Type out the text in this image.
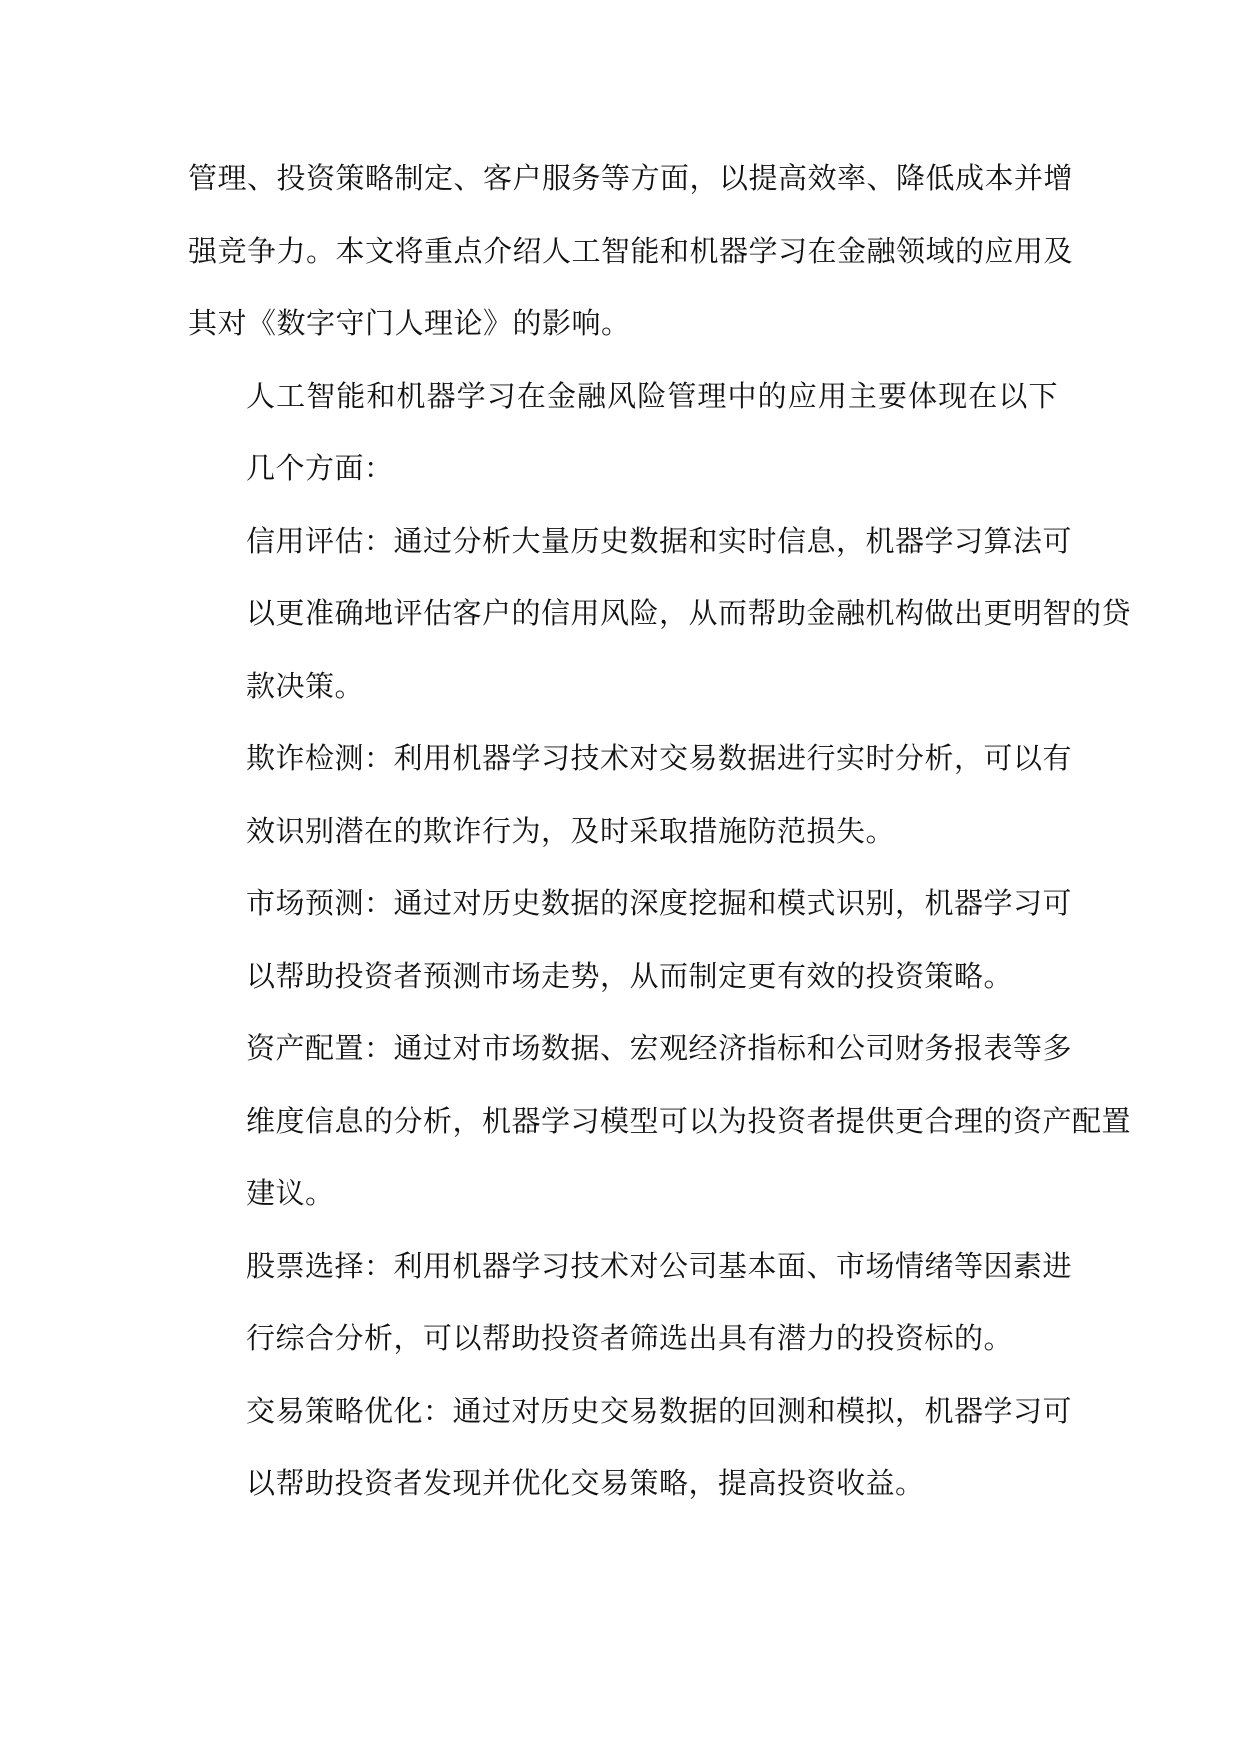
管理、投资策略制定、客户服务等方面，以提高效率、降低成本并增
强竞争力。本文将重点介绍人工智能和机器学习在金融领域的应用及
其对《数字守门人理论》的影响。

人工智能和机器学习在金融风险管理中的应用主要体现在以下
几个方面：

信用评估：通过分析大量历史数据和实时信息，机器学习算法可
以更准确地评估客户的信用风险，从而帮助金融机构做出更明智的贷
款决策。

欺诈检测：利用机器学习技术对交易数据进行实时分析，可以有
效识别潜在的欺诈行为，及时采取措施防范损失。

市场预测：通过对历史数据的深度挖掘和模式识别，机器学习可
以帮助投资者预测市场走势，从而制定更有效的投资策略。

资产配置：通过对市场数据、宏观经济指标和公司财务报表等多
维度信息的分析，机器学习模型可以为投资者提供更合理的资产配置
建议。

股票选择：利用机器学习技术对公司基本面、市场情绪等因素进
行综合分析，可以帮助投资者筛选出具有潜力的投资标的。

交易策略优化：通过对历史交易数据的回测和模拟，机器学习可
以帮助投资者发现并优化交易策略，提高投资收益。
